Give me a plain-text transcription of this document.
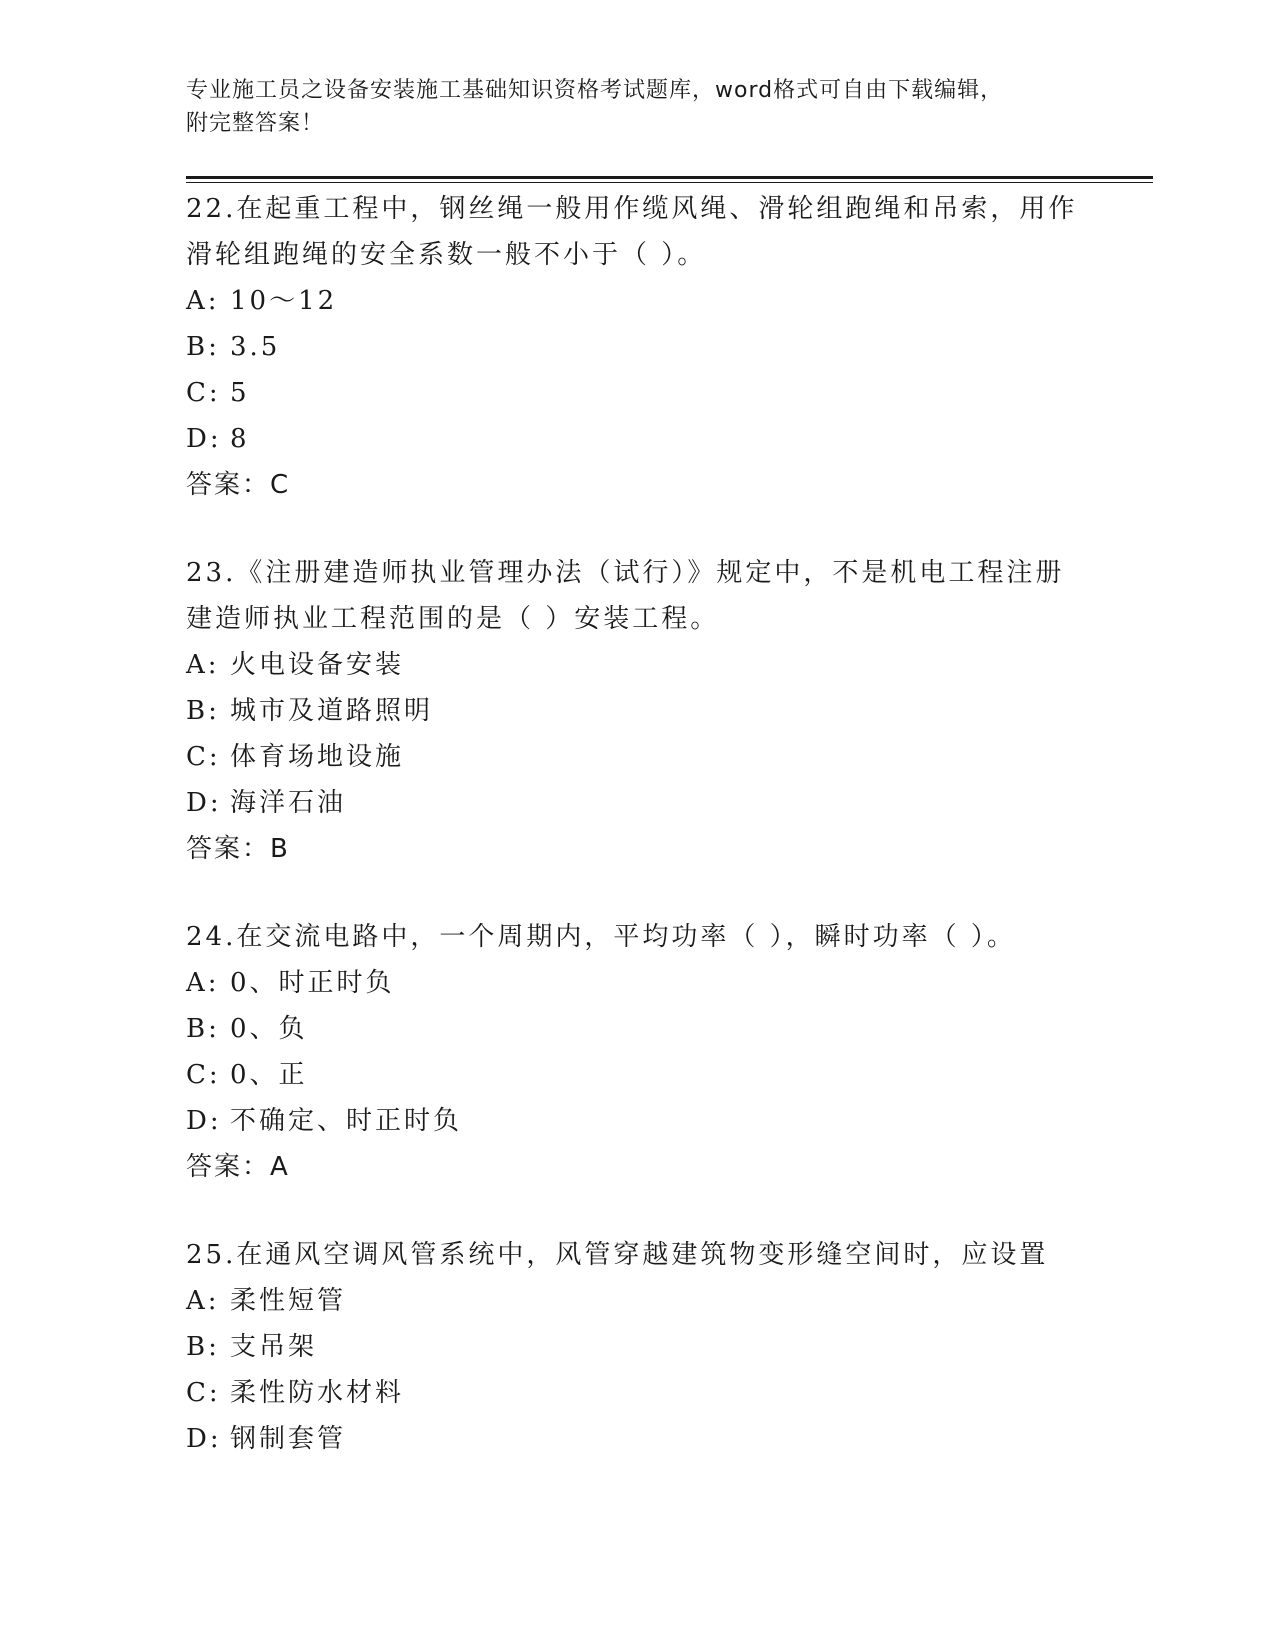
专业施工员之设备安装施工基础知识资格考试题库，word格式可自由下载编辑，
附完整答案！

22.在起重工程中，钢丝绳一般用作缆风绳、滑轮组跑绳和吊索，用作

滑轮组跑绳的安全系数一般不小于（ ）。

A: 10～12

B: 3.5

C: 5

D: 8

答案：C

23.《注册建造师执业管理办法（试行）》规定中，不是机电工程注册

建造师执业工程范围的是（ ）安装工程。

A: 火电设备安装

B: 城市及道路照明

C: 体育场地设施

D: 海洋石油

答案：B

24.在交流电路中，一个周期内，平均功率（ ），瞬时功率（ ）。

A: 0、时正时负

B: 0、负

C: 0、正

D: 不确定、时正时负

答案：A

25.在通风空调风管系统中，风管穿越建筑物变形缝空间时，应设置

A: 柔性短管

B: 支吊架

C: 柔性防水材料

D: 钢制套管
